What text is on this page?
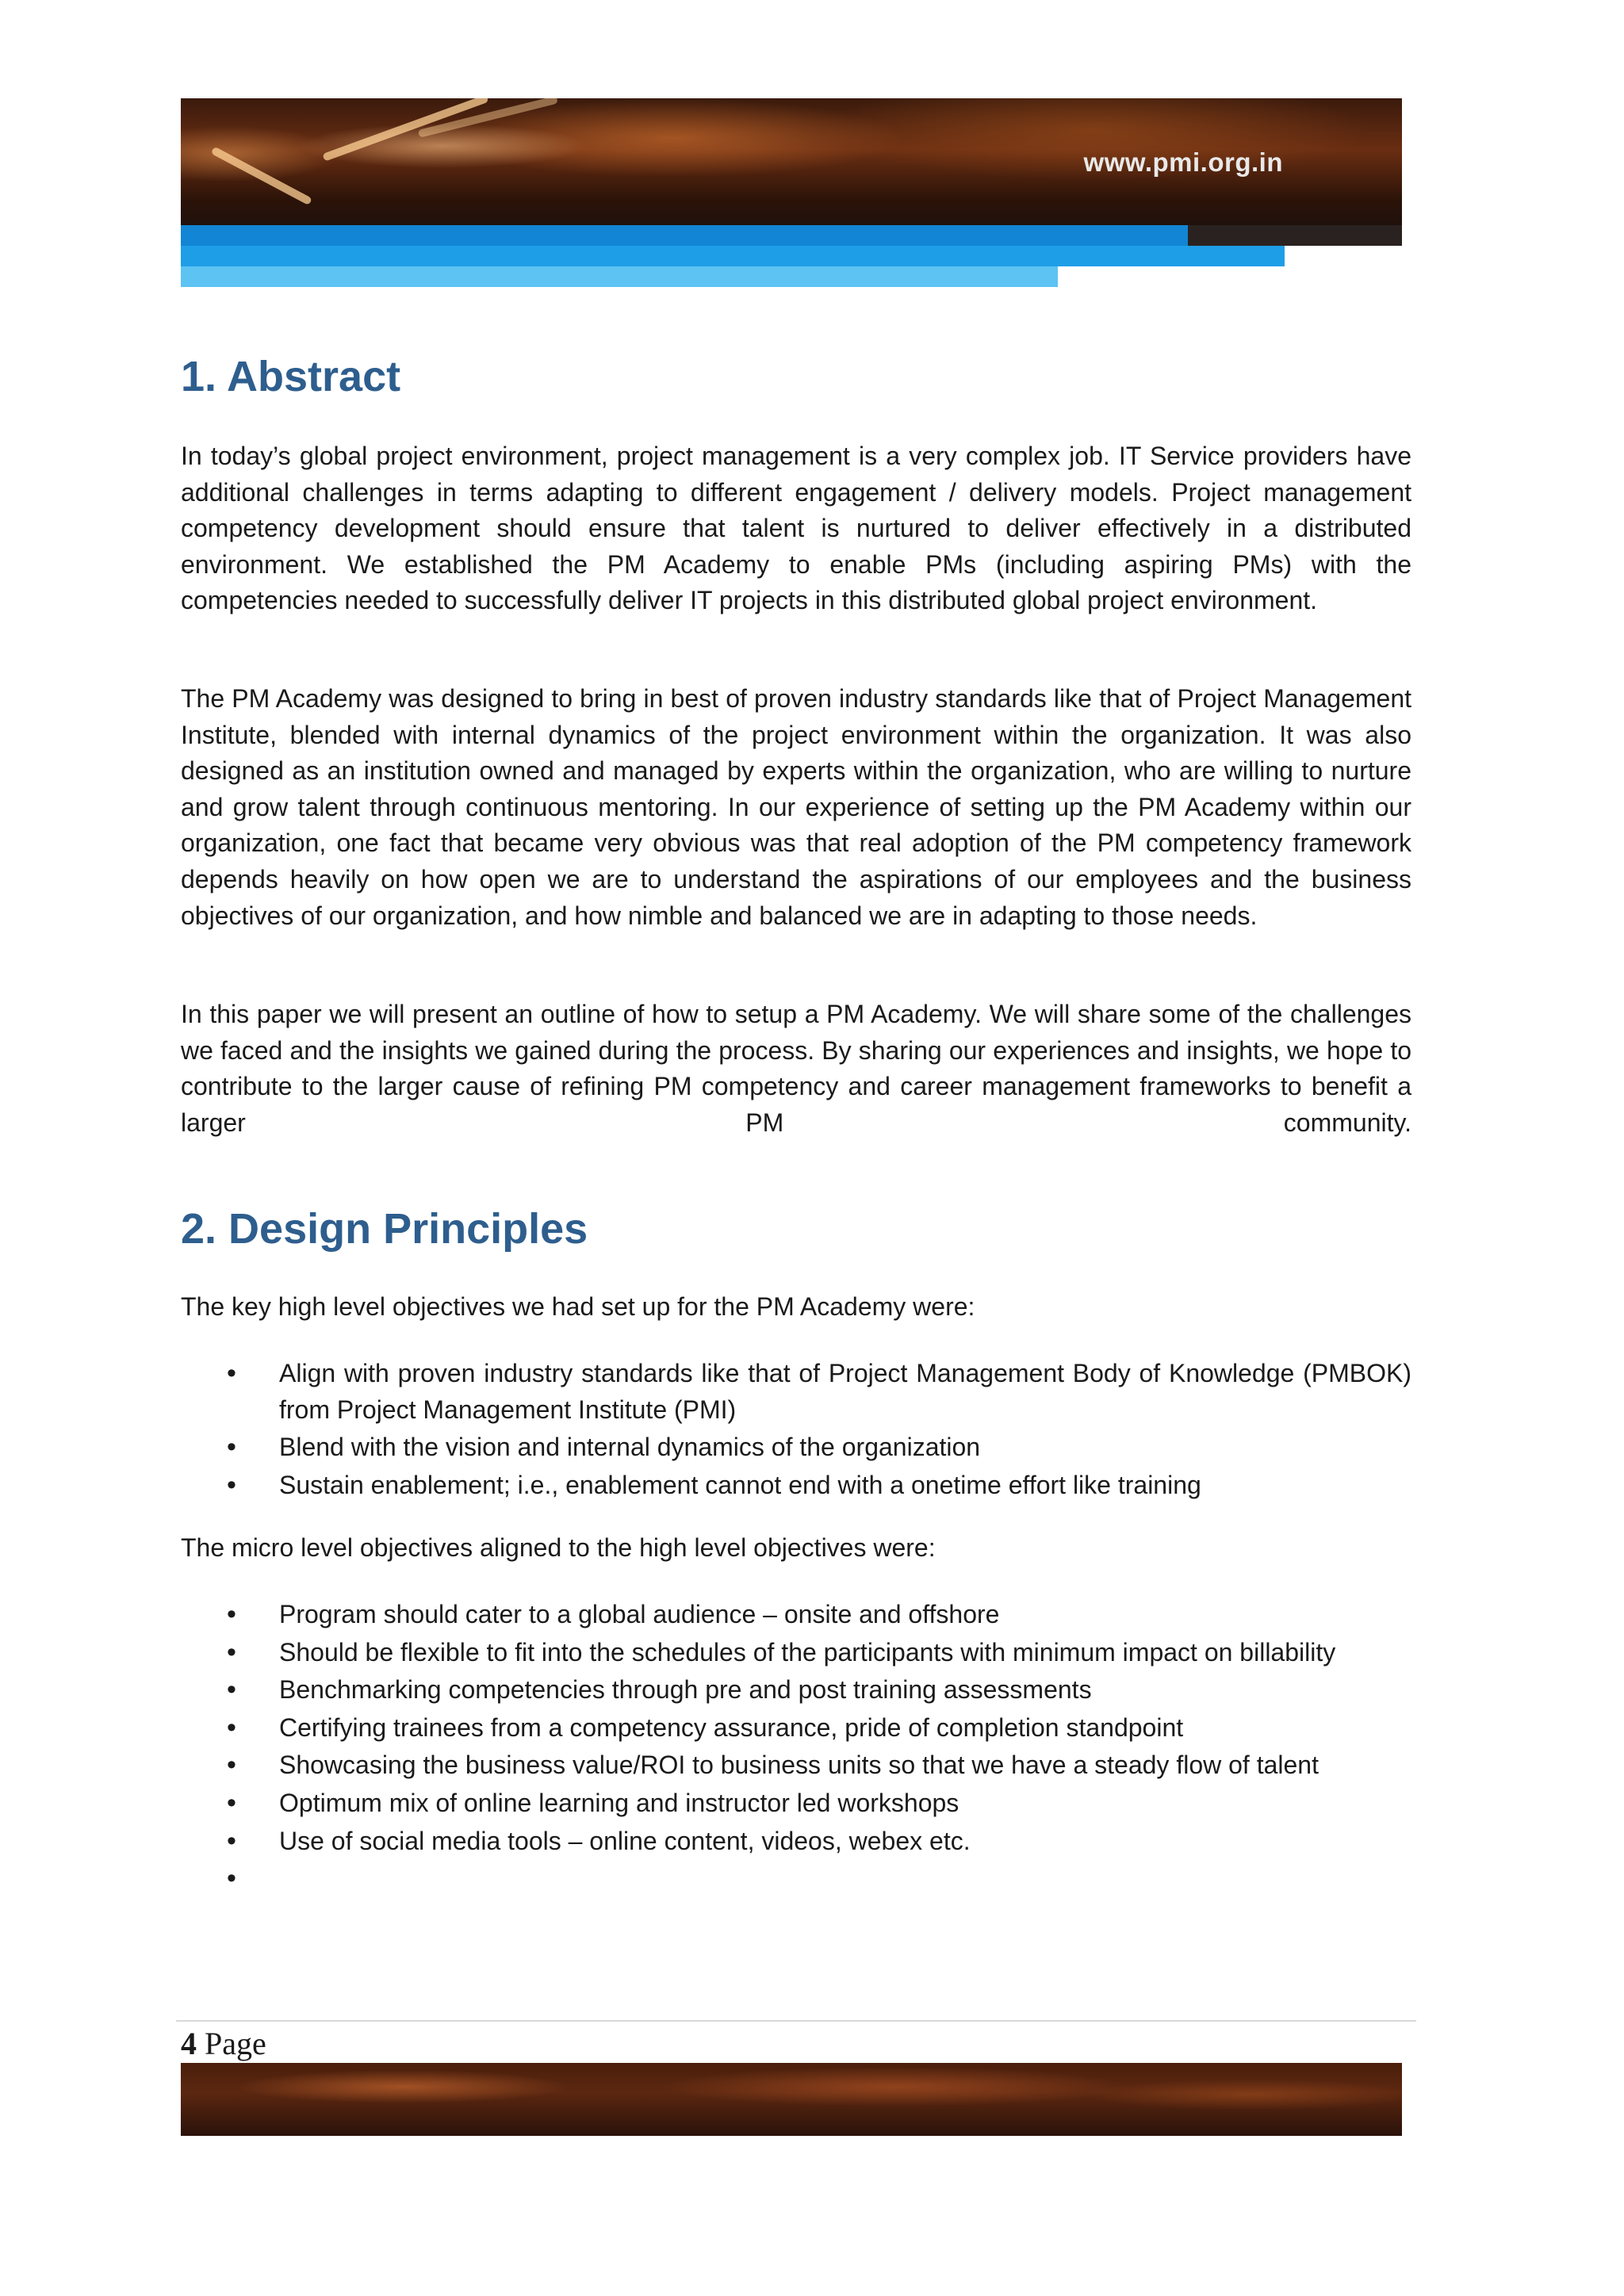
www.pmi.org.in
1. Abstract

In today’s global project environment, project management is a very complex job. IT Service providers have additional challenges in terms adapting to different engagement / delivery models. Project management competency development should ensure that talent is nurtured to deliver effectively in a distributed environment. We established the PM Academy to enable PMs (including aspiring PMs) with the competencies needed to successfully deliver IT projects in this distributed global project environment.

The PM Academy was designed to bring in best of proven industry standards like that of Project Management Institute, blended with internal dynamics of the project environment within the organization. It was also designed as an institution owned and managed by experts within the organization, who are willing to nurture and grow talent through continuous mentoring. In our experience of setting up the PM Academy within our organization, one fact that became very obvious was that real adoption of the PM competency framework depends heavily on how open we are to understand the aspirations of our employees and the business objectives of our organization, and how nimble and balanced we are in adapting to those needs.

In this paper we will present an outline of how to setup a PM Academy. We will share some of the challenges we faced and the insights we gained during the process. By sharing our experiences and insights, we hope to contribute to the larger cause of refining PM competency and career management frameworks to benefit a larger PM community.

2. Design Principles

The key high level objectives we had set up for the PM Academy were:

• Align with proven industry standards like that of Project Management Body of Knowledge (PMBOK) from Project Management Institute (PMI)
• Blend with the vision and internal dynamics of the organization
• Sustain enablement; i.e., enablement cannot end with a onetime effort like training

The micro level objectives aligned to the high level objectives were:

• Program should cater to a global audience – onsite and offshore
• Should be flexible to fit into the schedules of the participants with minimum impact on billability
• Benchmarking competencies through pre and post training assessments
• Certifying trainees from a competency assurance, pride of completion standpoint
• Showcasing the business value/ROI to business units so that we have a steady flow of talent
• Optimum mix of online learning and instructor led workshops
• Use of social media tools – online content, videos, webex etc.
•
4 Page
